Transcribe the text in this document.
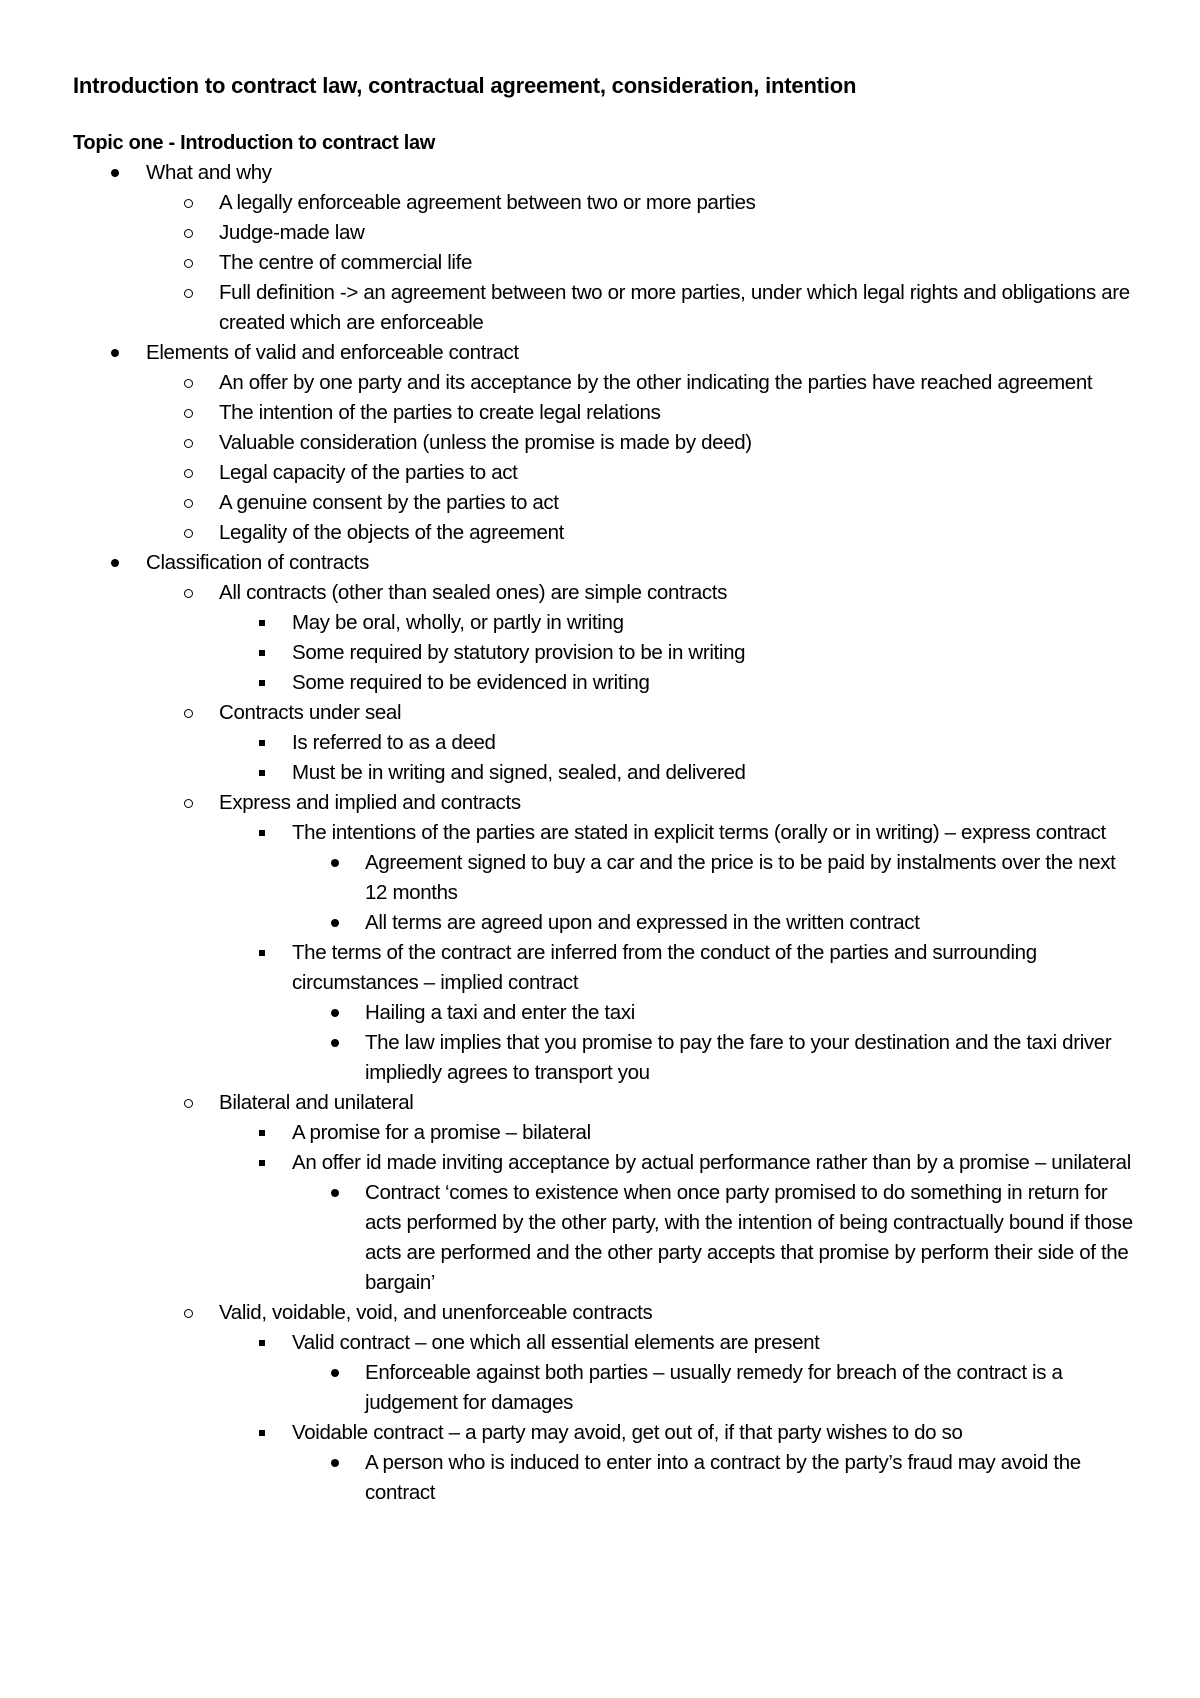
Introduction to contract law, contractual agreement, consideration, intention
Topic one - Introduction to contract law
What and why
A legally enforceable agreement between two or more parties
Judge-made law
The centre of commercial life
Full definition -> an agreement between two or more parties, under which legal rights and obligations are created which are enforceable
Elements of valid and enforceable contract
An offer by one party and its acceptance by the other indicating the parties have reached agreement
The intention of the parties to create legal relations
Valuable consideration (unless the promise is made by deed)
Legal capacity of the parties to act
A genuine consent by the parties to act
Legality of the objects of the agreement
Classification of contracts
All contracts (other than sealed ones) are simple contracts
May be oral, wholly, or partly in writing
Some required by statutory provision to be in writing
Some required to be evidenced in writing
Contracts under seal
Is referred to as a deed
Must be in writing and signed, sealed, and delivered
Express and implied and contracts
The intentions of the parties are stated in explicit terms (orally or in writing) – express contract
Agreement signed to buy a car and the price is to be paid by instalments over the next 12 months
All terms are agreed upon and expressed in the written contract
The terms of the contract are inferred from the conduct of the parties and surrounding circumstances – implied contract
Hailing a taxi and enter the taxi
The law implies that you promise to pay the fare to your destination and the taxi driver impliedly agrees to transport you
Bilateral and unilateral
A promise for a promise – bilateral
An offer id made inviting acceptance by actual performance rather than by a promise – unilateral
Contract ‘comes to existence when once party promised to do something in return for acts performed by the other party, with the intention of being contractually bound if those acts are performed and the other party accepts that promise by perform their side of the bargain’
Valid, voidable, void, and unenforceable contracts
Valid contract – one which all essential elements are present
Enforceable against both parties – usually remedy for breach of the contract is a judgement for damages
Voidable contract – a party may avoid, get out of, if that party wishes to do so
A person who is induced to enter into a contract by the party’s fraud may avoid the contract
